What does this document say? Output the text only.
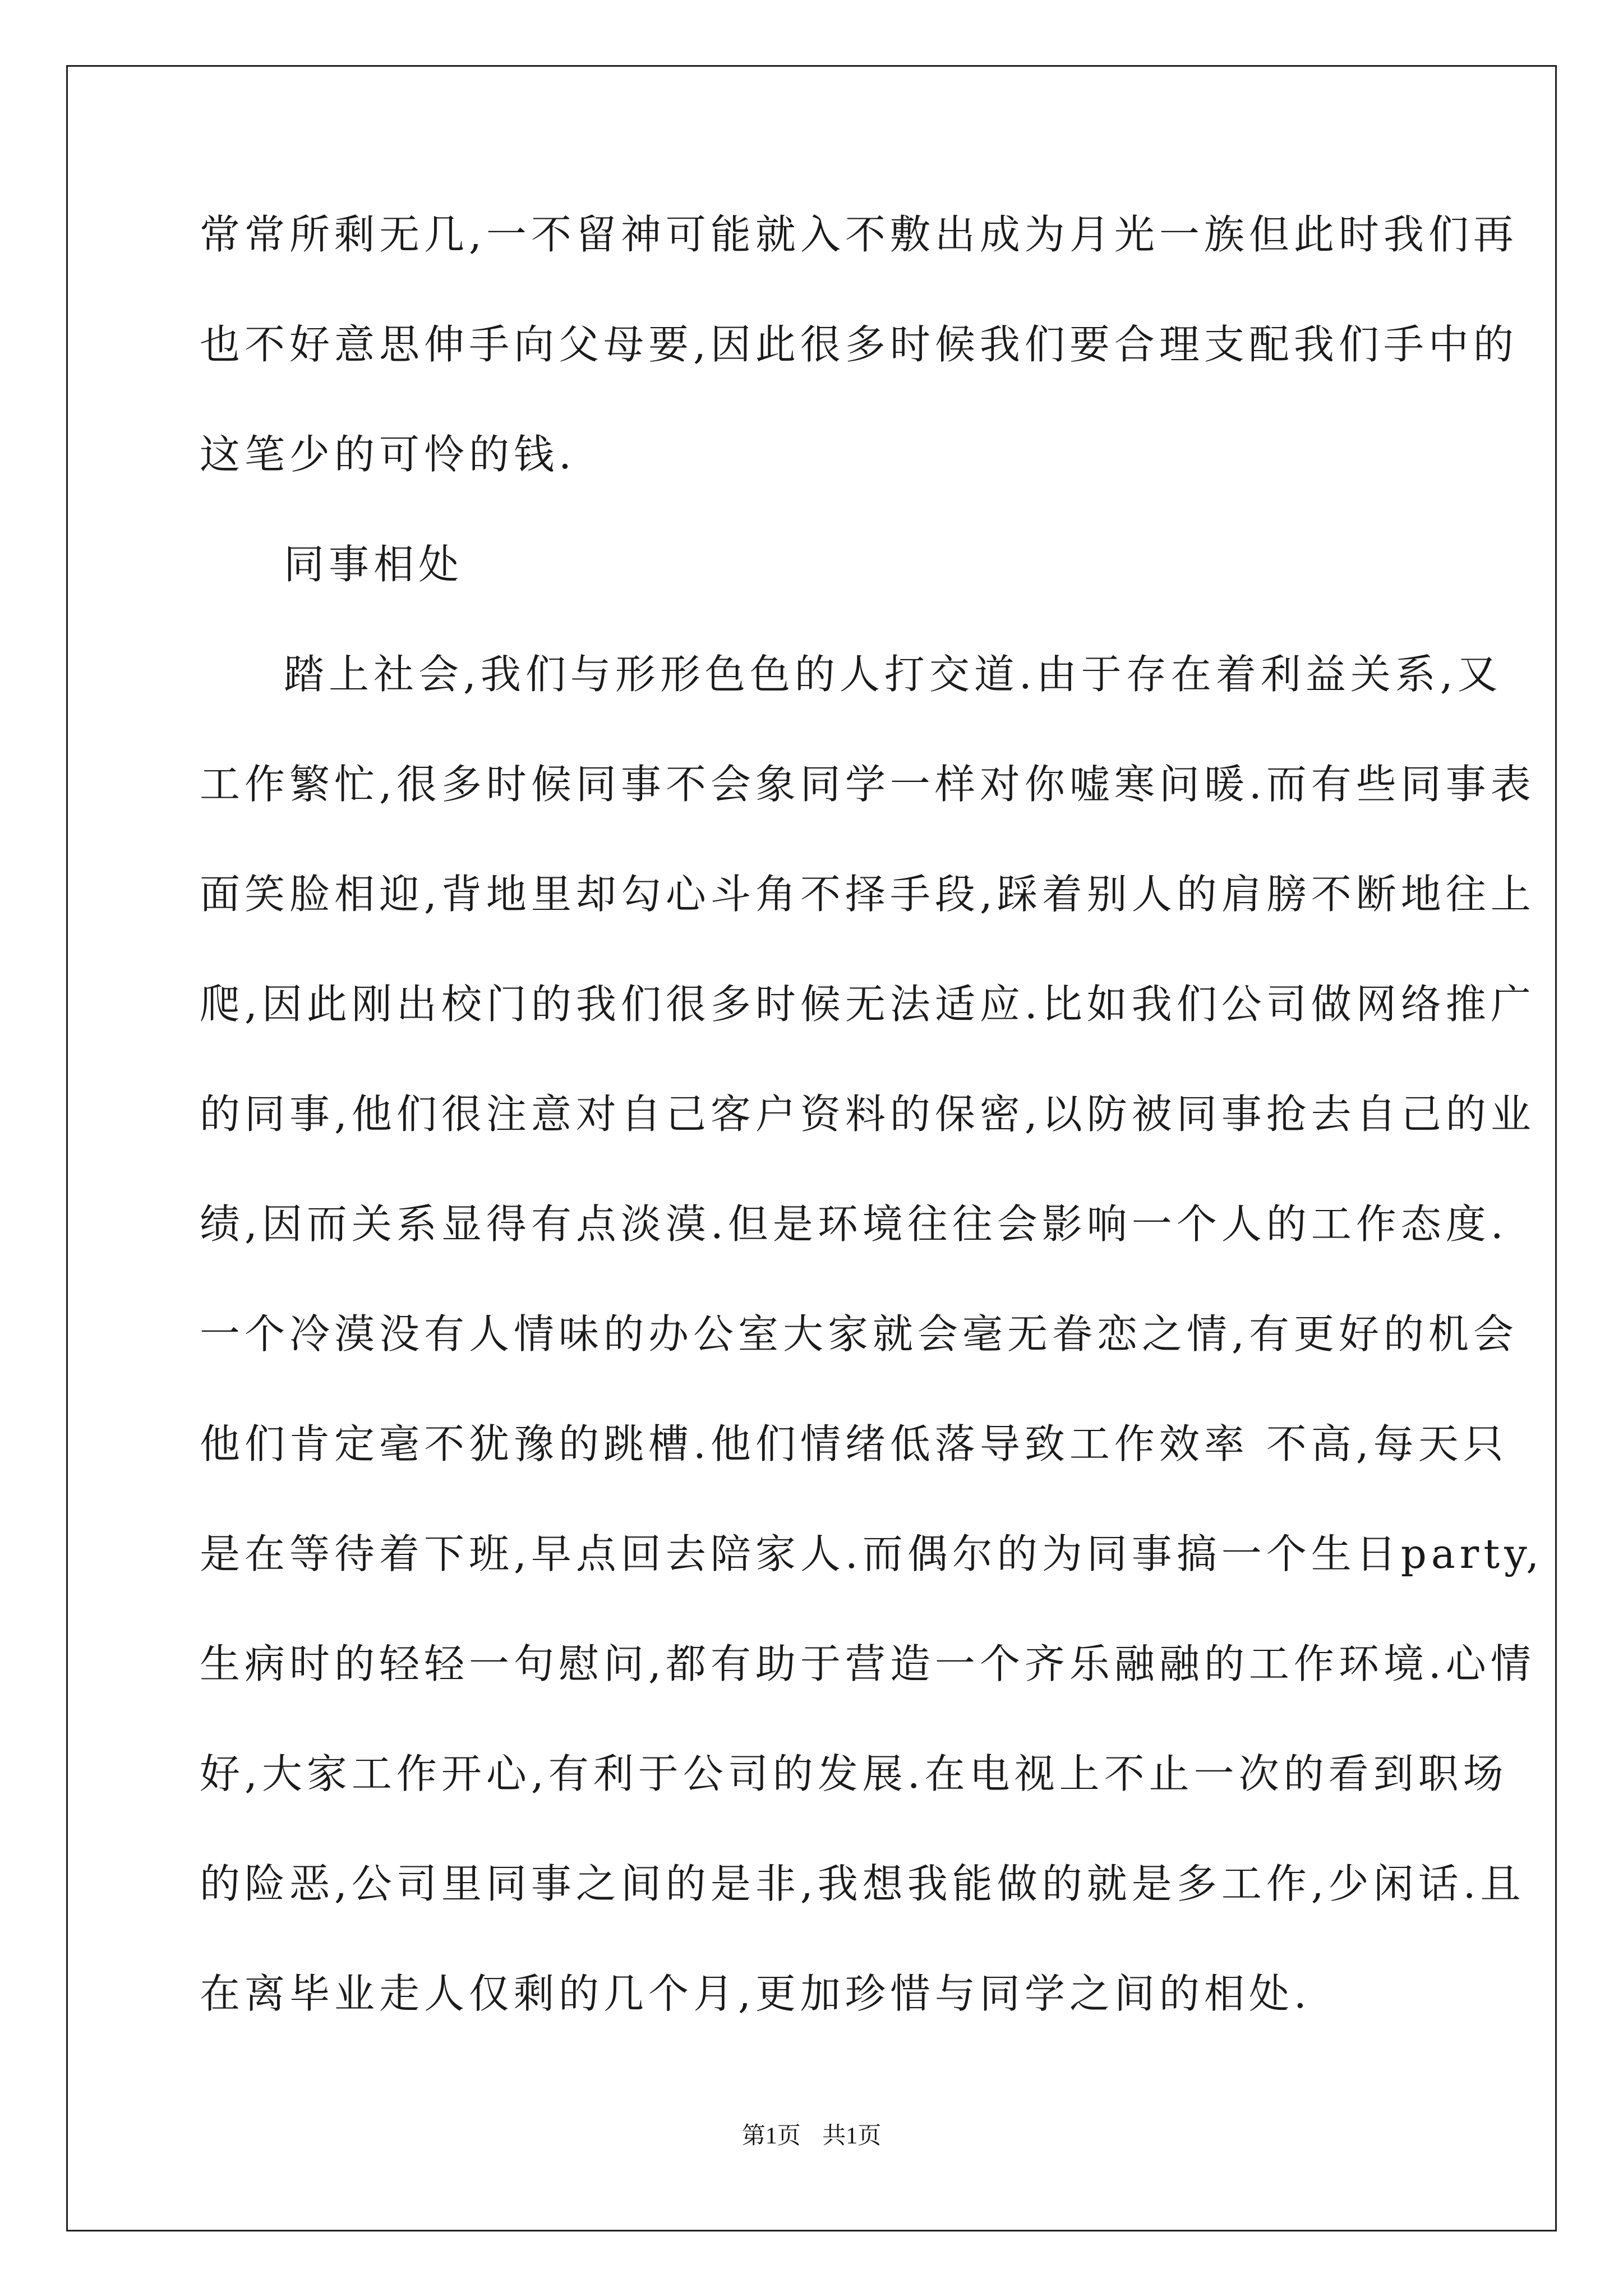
常常所剩无几,一不留神可能就入不敷出成为月光一族但此时我们再
也不好意思伸手向父母要,因此很多时候我们要合理支配我们手中的
这笔少的可怜的钱.
同事相处
踏上社会,我们与形形色色的人打交道.由于存在着利益关系,又
工作繁忙,很多时候同事不会象同学一样对你嘘寒问暖.而有些同事表
面笑脸相迎,背地里却勾心斗角不择手段,踩着别人的肩膀不断地往上
爬,因此刚出校门的我们很多时候无法适应.比如我们公司做网络推广
的同事,他们很注意对自己客户资料的保密,以防被同事抢去自己的业
绩,因而关系显得有点淡漠.但是环境往往会影响一个人的工作态度.
一个冷漠没有人情味的办公室大家就会毫无眷恋之情,有更好的机会
他们肯定毫不犹豫的跳槽.他们情绪低落导致工作效率 不高,每天只
是在等待着下班,早点回去陪家人.而偶尔的为同事搞一个生日party,
生病时的轻轻一句慰问,都有助于营造一个齐乐融融的工作环境.心情
好,大家工作开心,有利于公司的发展.在电视上不止一次的看到职场
的险恶,公司里同事之间的是非,我想我能做的就是多工作,少闲话.且
在离毕业走人仅剩的几个月,更加珍惜与同学之间的相处.
第1页 共1页
